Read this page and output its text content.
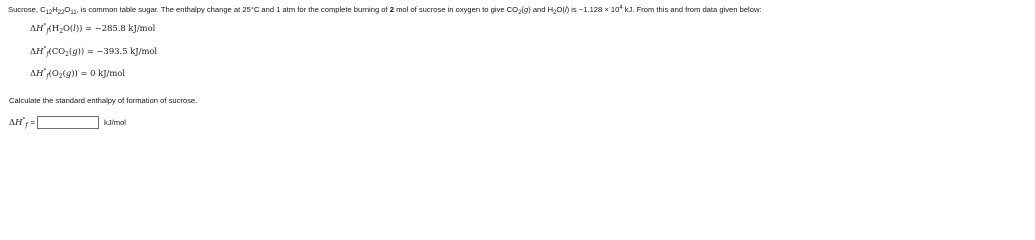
Sucrose, $C_{12}H_{22}O_{11}$, is common table sugar. The enthalpy change at 25°C and 1 atm for the complete burning of 2 mol of sucrose in oxygen to give $CO_2(g)$ and $H_2O(l)$ is $-1.128 \times 10^4$ kJ. From this and from data given below:
$\Delta H^\circ_f(H_2O(l)) = -285.8$ kJ/mol
$\Delta H^\circ_f(CO_2(g)) = -393.5$ kJ/mol
$\Delta H^\circ_f(O_2(g)) = 0$ kJ/mol
Calculate the standard enthalpy of formation of sucrose.
$\Delta H^\circ_f$ =	kJ/mol
